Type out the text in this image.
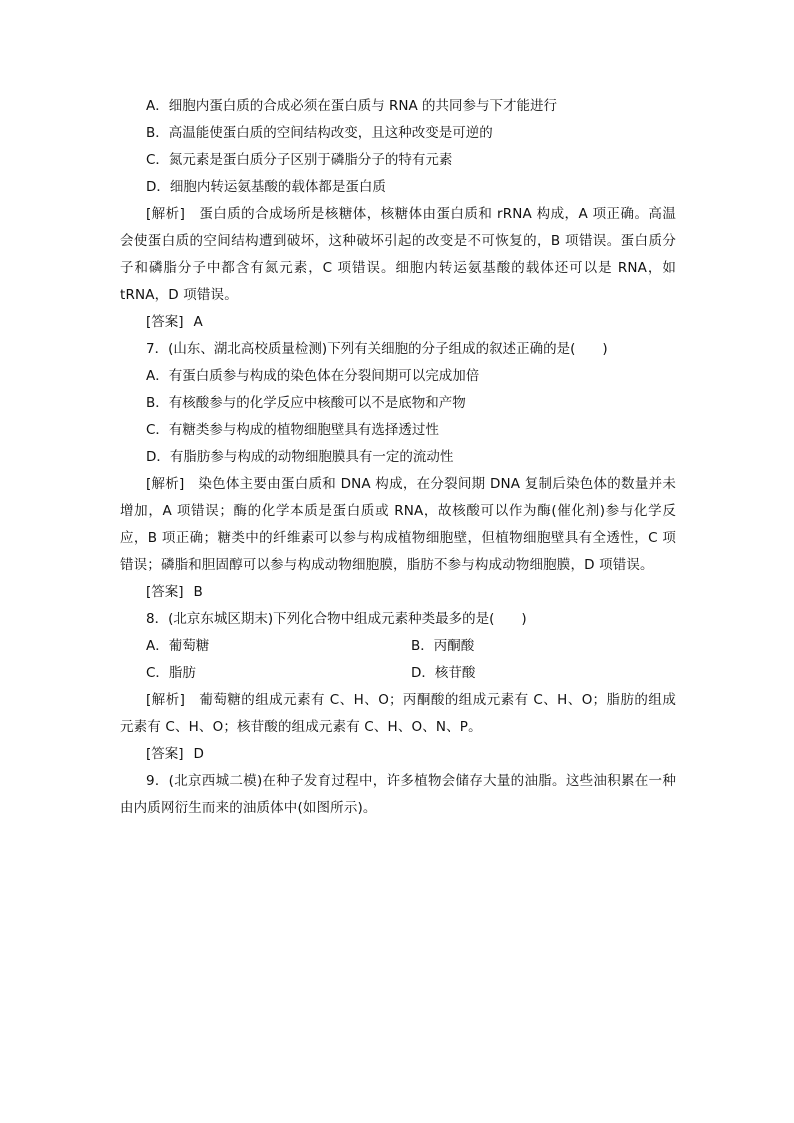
A．细胞内蛋白质的合成必须在蛋白质与 RNA 的共同参与下才能进行
B．高温能使蛋白质的空间结构改变，且这种改变是可逆的
C．氮元素是蛋白质分子区别于磷脂分子的特有元素
D．细胞内转运氨基酸的载体都是蛋白质
[解析]　 蛋白质的合成场所是核糖体，核糖体由蛋白质和 rRNA 构成，A 项正确。高温会使蛋白质的空间结构遭到破坏，这种破坏引起的改变是不可恢复的，B 项错误。蛋白质分子和磷脂分子中都含有氮元素，C 项错误。细胞内转运氨基酸的载体还可以是 RNA，如 tRNA，D 项错误。
[答案] A
7．(山东、湖北高校质量检测)下列有关细胞的分子组成的叙述正确的是(　　)
A．有蛋白质参与构成的染色体在分裂间期可以完成加倍
B．有核酸参与的化学反应中核酸可以不是底物和产物
C．有糖类参与构成的植物细胞壁具有选择透过性
D．有脂肪参与构成的动物细胞膜具有一定的流动性
[解析]　 染色体主要由蛋白质和 DNA 构成，在分裂间期 DNA 复制后染色体的数量并未增加，A 项错误；酶的化学本质是蛋白质或 RNA，故核酸可以作为酶(催化剂)参与化学反应，B 项正确；糖类中的纤维素可以参与构成植物细胞壁，但植物细胞壁具有全透性，C 项错误；磷脂和胆固醇可以参与构成动物细胞膜，脂肪不参与构成动物细胞膜，D 项错误。
[答案] B
8．(北京东城区期末)下列化合物中组成元素种类最多的是(　　)
A．葡萄糖	B．丙酮酸
C．脂肪	D．核苷酸
[解析]　 葡萄糖的组成元素有 C、H、O；丙酮酸的组成元素有 C、H、O；脂肪的组成元素有 C、H、O；核苷酸的组成元素有 C、H、O、N、P。
[答案] D
9．(北京西城二模)在种子发育过程中，许多植物会储存大量的油脂。这些油积累在一种由内质网衍生而来的油质体中(如图所示)。
